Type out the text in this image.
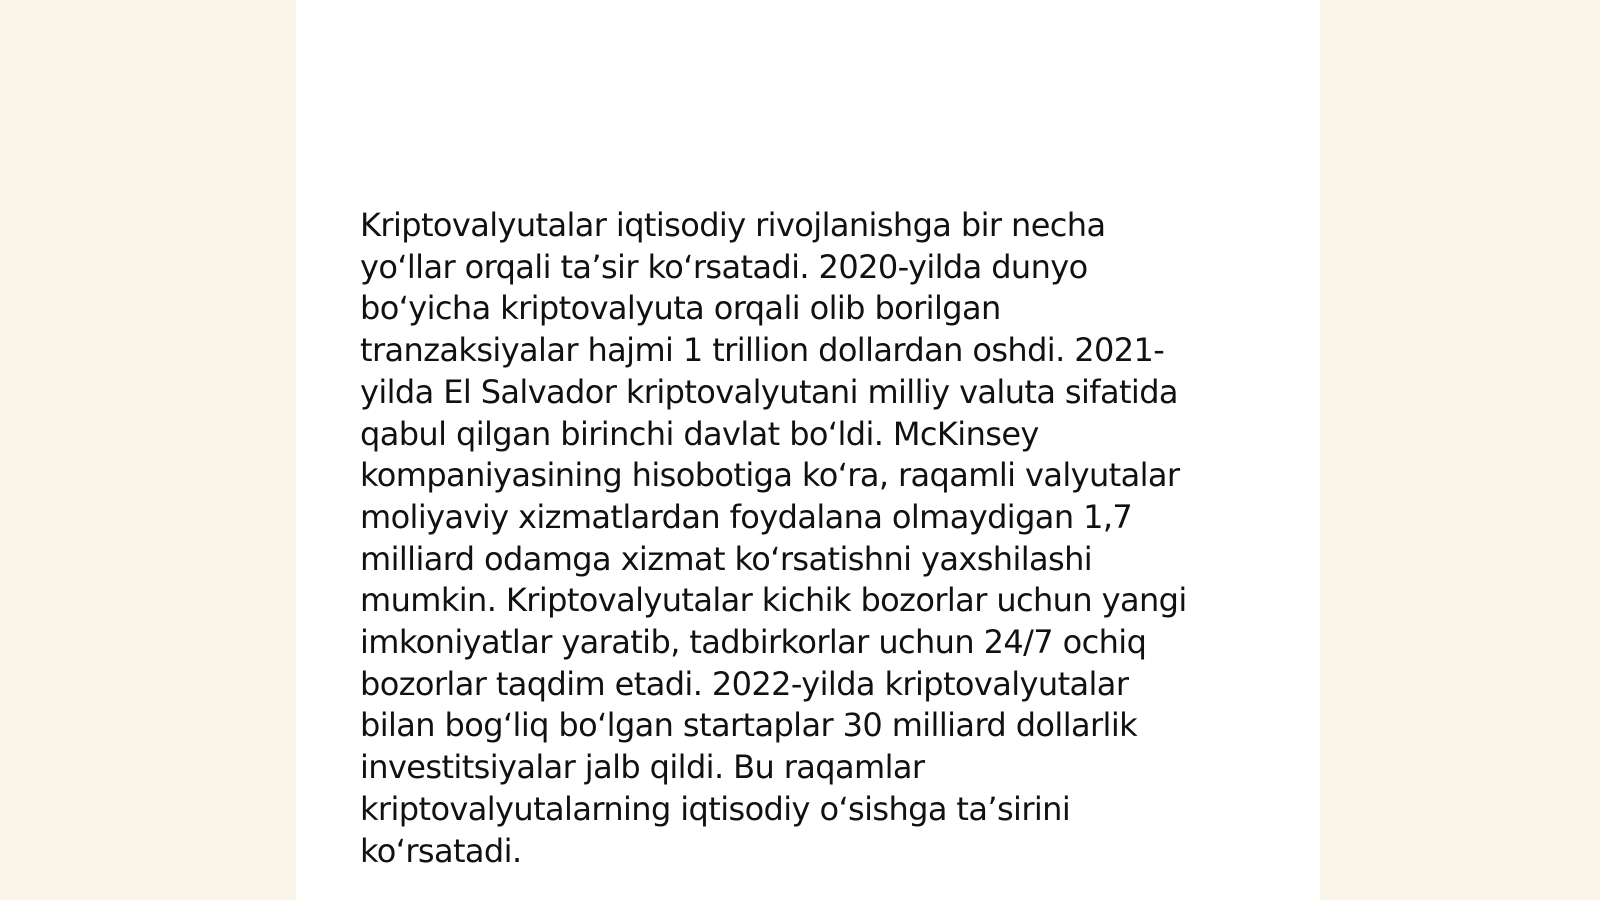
Kriptovalyutalar iqtisodiy rivojlanishga bir necha
yo‘llar orqali ta’sir ko‘rsatadi. 2020-yilda dunyo
bo‘yicha kriptovalyuta orqali olib borilgan
tranzaksiyalar hajmi 1 trillion dollardan oshdi. 2021-
yilda El Salvador kriptovalyutani milliy valuta sifatida
qabul qilgan birinchi davlat bo‘ldi. McKinsey
kompaniyasining hisobotiga ko‘ra, raqamli valyutalar
moliyaviy xizmatlardan foydalana olmaydigan 1,7
milliard odamga xizmat ko‘rsatishni yaxshilashi
mumkin. Kriptovalyutalar kichik bozorlar uchun yangi
imkoniyatlar yaratib, tadbirkorlar uchun 24/7 ochiq
bozorlar taqdim etadi. 2022-yilda kriptovalyutalar
bilan bog‘liq bo‘lgan startaplar 30 milliard dollarlik
investitsiyalar jalb qildi. Bu raqamlar
kriptovalyutalarning iqtisodiy o‘sishga ta’sirini
ko‘rsatadi.
